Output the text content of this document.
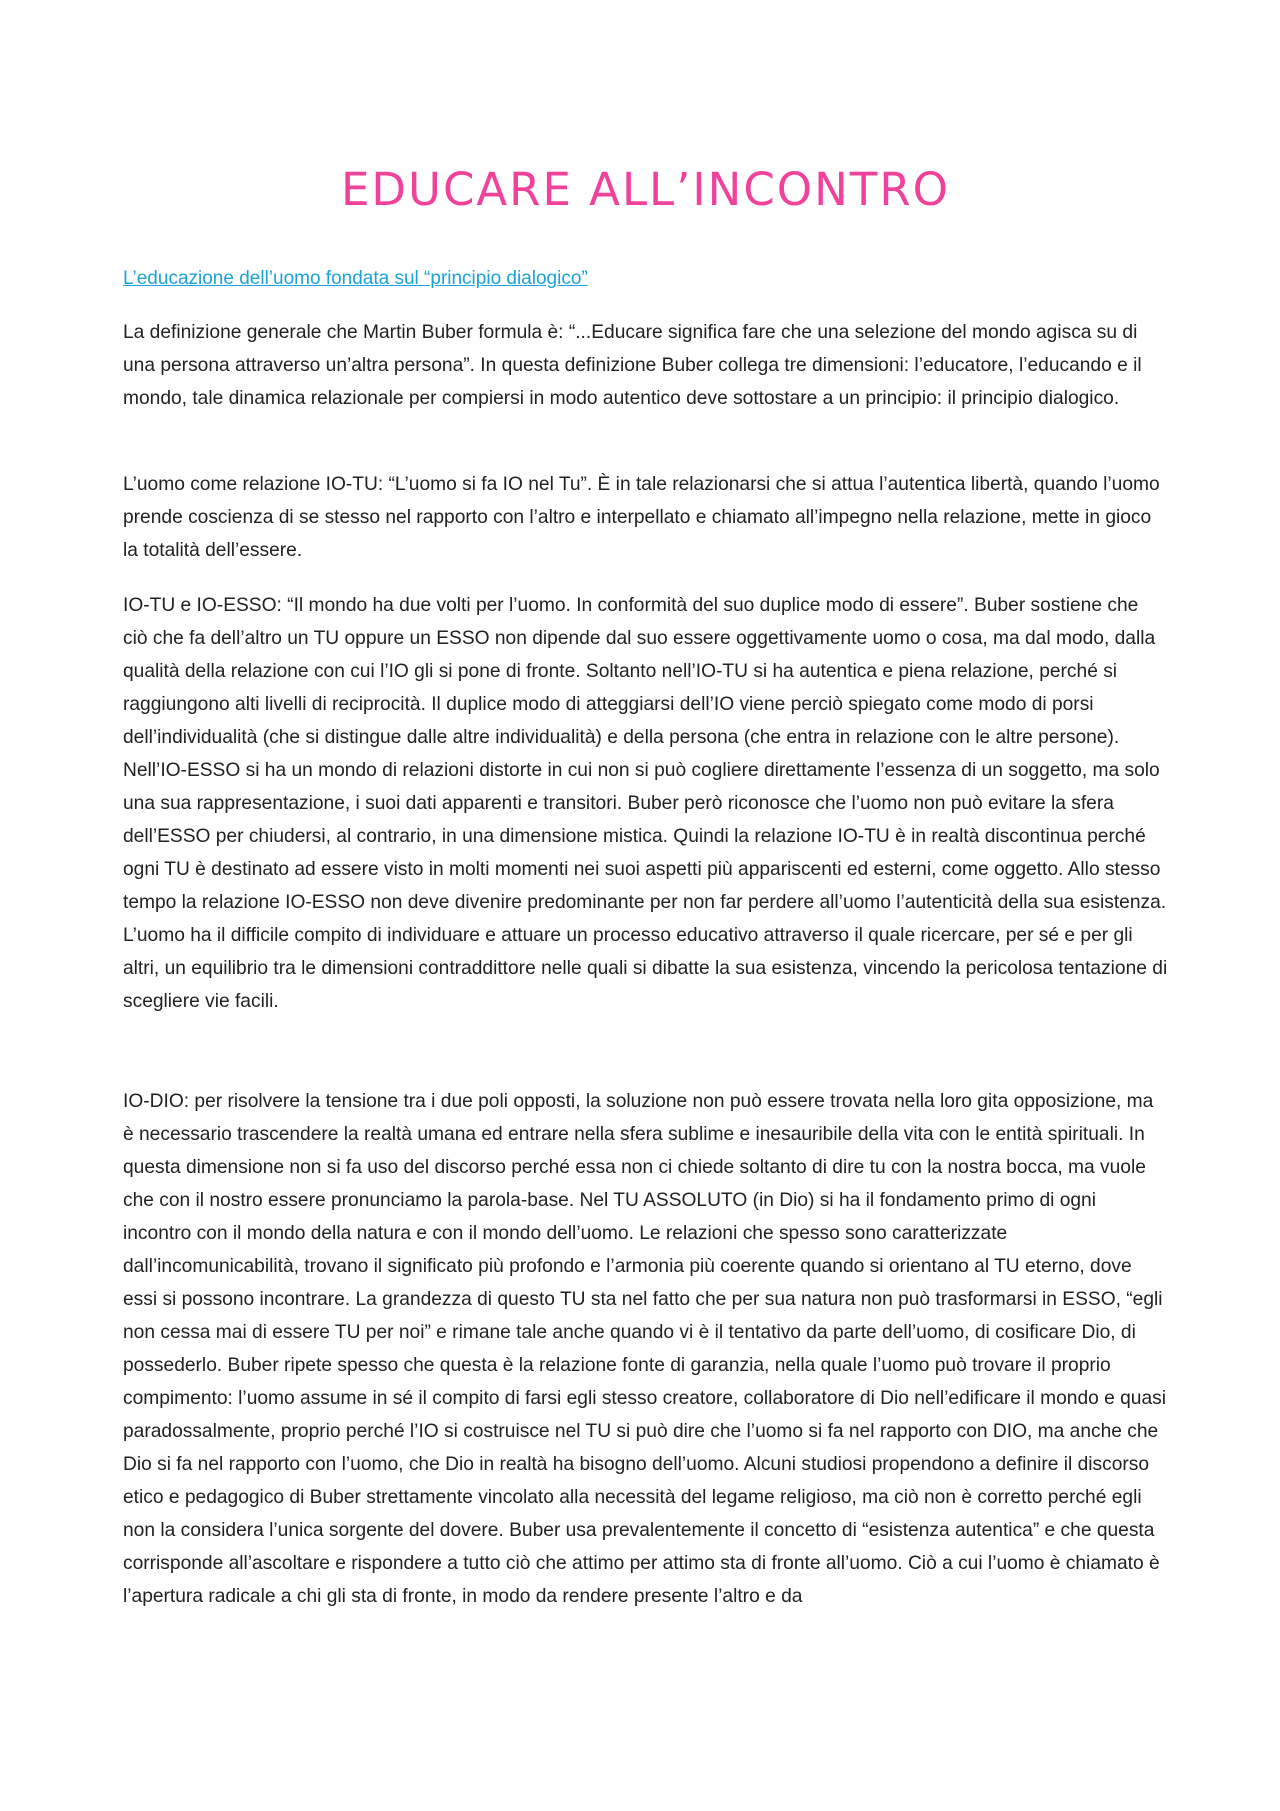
EDUCARE ALL’INCONTRO

L’educazione dell’uomo fondata sul “principio dialogico”

La definizione generale che Martin Buber formula è: “...Educare significa fare che una selezione del mondo agisca su di una persona attraverso un’altra persona”. In questa definizione Buber collega tre dimensioni: l’educatore, l’educando e il mondo, tale dinamica relazionale per compiersi in modo autentico deve sottostare a un principio: il principio dialogico.

L’uomo come relazione IO-TU: “L’uomo si fa IO nel Tu”. È in tale relazionarsi che si attua l’autentica libertà, quando l’uomo prende coscienza di se stesso nel rapporto con l’altro e interpellato e chiamato all’impegno nella relazione, mette in gioco la totalità dell’essere.

IO-TU e IO-ESSO: “Il mondo ha due volti per l’uomo. In conformità del suo duplice modo di essere”. Buber sostiene che ciò che fa dell’altro un TU oppure un ESSO non dipende dal suo essere oggettivamente uomo o cosa, ma dal modo, dalla qualità della relazione con cui l’IO gli si pone di fronte. Soltanto nell’IO-TU si ha autentica e piena relazione, perché si raggiungono alti livelli di reciprocità. Il duplice modo di atteggiarsi dell’IO viene perciò spiegato come modo di porsi dell’individualità (che si distingue dalle altre individualità) e della persona (che entra in relazione con le altre persone). Nell’IO-ESSO si ha un mondo di relazioni distorte in cui non si può cogliere direttamente l’essenza di un soggetto, ma solo una sua rappresentazione, i suoi dati apparenti e transitori. Buber però riconosce che l’uomo non può evitare la sfera dell’ESSO per chiudersi, al contrario, in una dimensione mistica. Quindi la relazione IO-TU è in realtà discontinua perché ogni TU è destinato ad essere visto in molti momenti nei suoi aspetti più appariscenti ed esterni, come oggetto. Allo stesso tempo la relazione IO-ESSO non deve divenire predominante per non far perdere all’uomo l’autenticità della sua esistenza. L’uomo ha il difficile compito di individuare e attuare un processo educativo attraverso il quale ricercare, per sé e per gli altri, un equilibrio tra le dimensioni contraddittore nelle quali si dibatte la sua esistenza, vincendo la pericolosa tentazione di scegliere vie facili.

IO-DIO: per risolvere la tensione tra i due poli opposti, la soluzione non può essere trovata nella loro gita opposizione, ma è necessario trascendere la realtà umana ed entrare nella sfera sublime e inesauribile della vita con le entità spirituali. In questa dimensione non si fa uso del discorso perché essa non ci chiede soltanto di dire tu con la nostra bocca, ma vuole che con il nostro essere pronunciamo la parola-base. Nel TU ASSOLUTO (in Dio) si ha il fondamento primo di ogni incontro con il mondo della natura e con il mondo dell’uomo. Le relazioni che spesso sono caratterizzate dall’incomunicabilità, trovano il significato più profondo e l’armonia più coerente quando si orientano al TU eterno, dove essi si possono incontrare. La grandezza di questo TU sta nel fatto che per sua natura non può trasformarsi in ESSO, “egli non cessa mai di essere TU per noi” e rimane tale anche quando vi è il tentativo da parte dell’uomo, di cosificare Dio, di possederlo. Buber ripete spesso che questa è la relazione fonte di garanzia, nella quale l’uomo può trovare il proprio compimento: l’uomo assume in sé il compito di farsi egli stesso creatore, collaboratore di Dio nell’edificare il mondo e quasi paradossalmente, proprio perché l’IO si costruisce nel TU si può dire che l’uomo si fa nel rapporto con DIO, ma anche che Dio si fa nel rapporto con l’uomo, che Dio in realtà ha bisogno dell’uomo. Alcuni studiosi propendono a definire il discorso etico e pedagogico di Buber strettamente vincolato alla necessità del legame religioso, ma ciò non è corretto perché egli non la considera l’unica sorgente del dovere. Buber usa prevalentemente il concetto di “esistenza autentica” e che questa corrisponde all’ascoltare e rispondere a tutto ciò che attimo per attimo sta di fronte all’uomo. Ciò a cui l’uomo è chiamato è l’apertura radicale a chi gli sta di fronte, in modo da rendere presente l’altro e da
